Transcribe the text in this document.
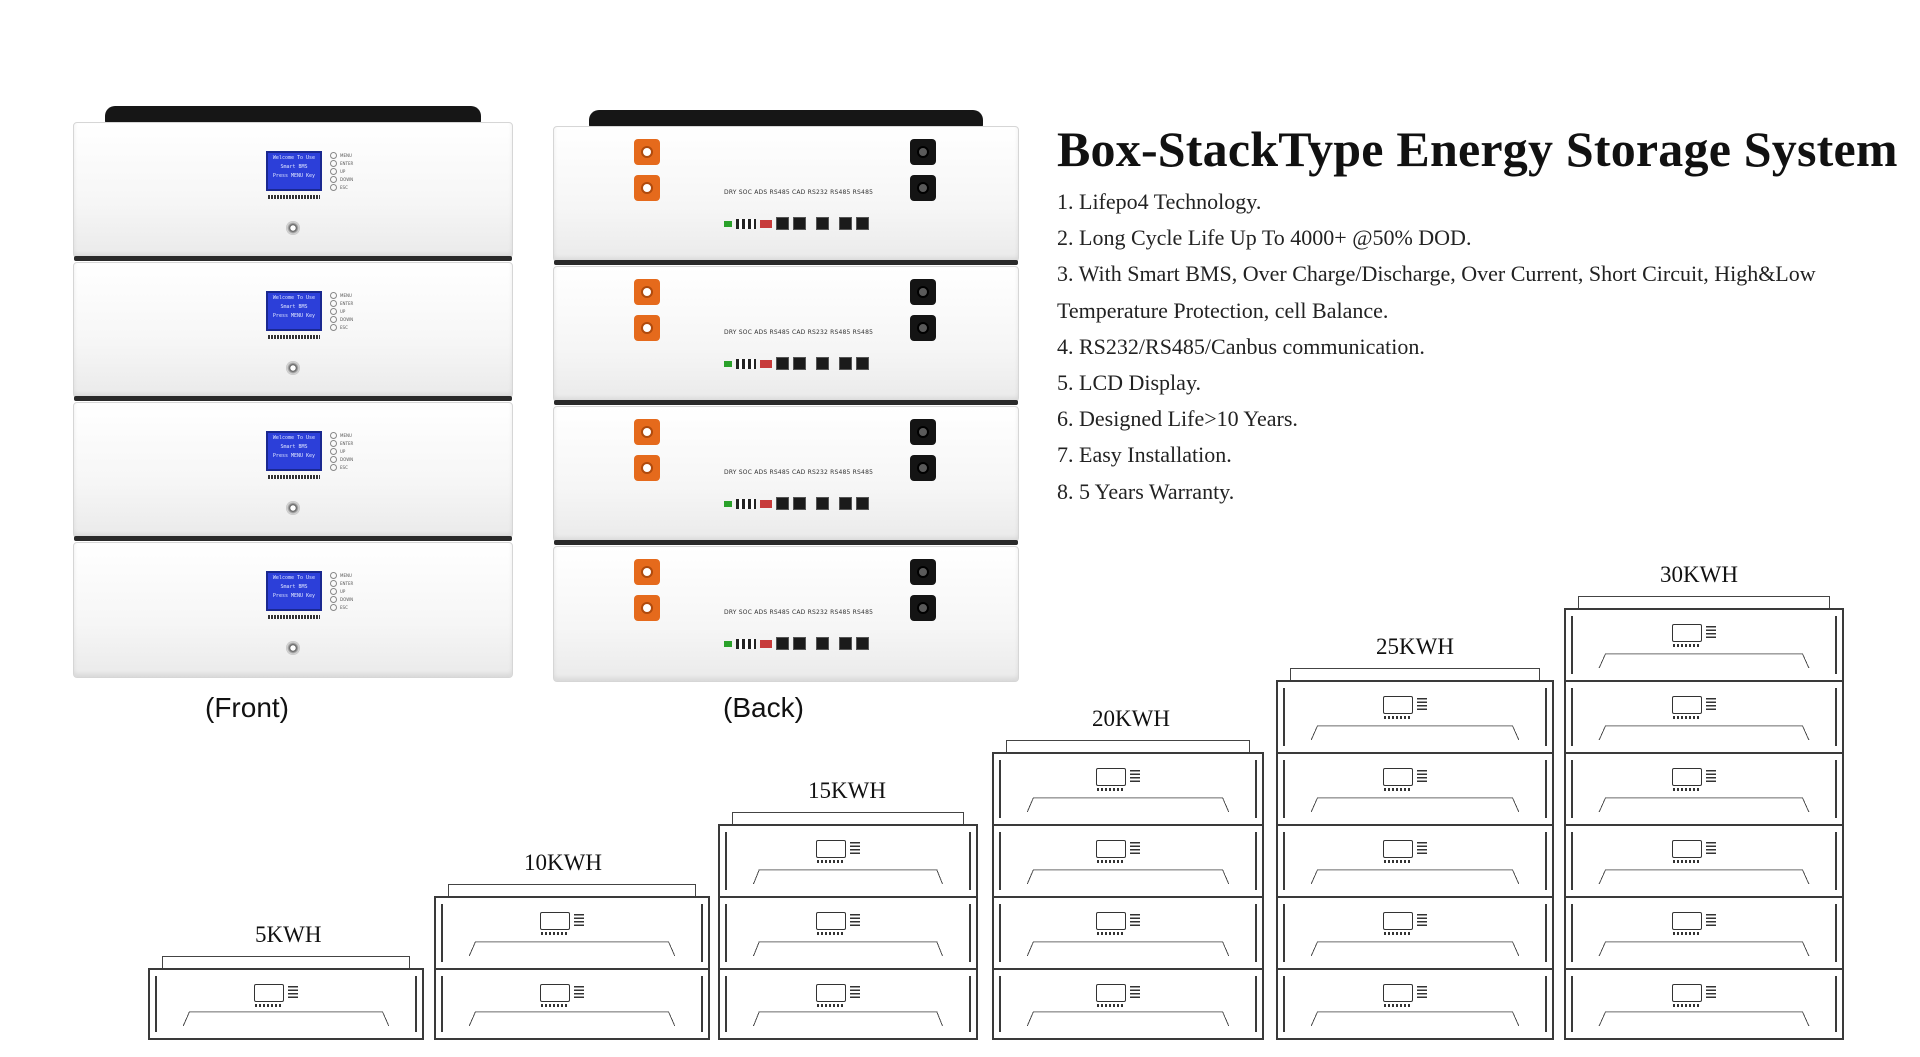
Welcome To Use
Smart BMS
Press MENU Key
MENU
ENTER
UP
DOWN
ESC
Welcome To Use
Smart BMS
Press MENU Key
MENU
ENTER
UP
DOWN
ESC
Welcome To Use
Smart BMS
Press MENU Key
MENU
ENTER
UP
DOWN
ESC
Welcome To Use
Smart BMS
Press MENU Key
MENU
ENTER
UP
DOWN
ESC
(Front)
DRY SOC ADS RS485 CAD RS232 RS485 RS485
DRY SOC ADS RS485 CAD RS232 RS485 RS485
DRY SOC ADS RS485 CAD RS232 RS485 RS485
DRY SOC ADS RS485 CAD RS232 RS485 RS485
(Back)
Box-StackType Energy Storage System
1. Lifepo4 Technology.
2. Long Cycle Life Up To 4000+ @50% DOD.
3. With Smart BMS, Over Charge/Discharge, Over Current, Short Circuit, High&Low Temperature Protection, cell Balance.
4. RS232/RS485/Canbus communication.
5. LCD Display.
6. Designed Life>10 Years.
7. Easy Installation.
8. 5 Years Warranty.
5KWH
10KWH
15KWH
20KWH
25KWH
30KWH
